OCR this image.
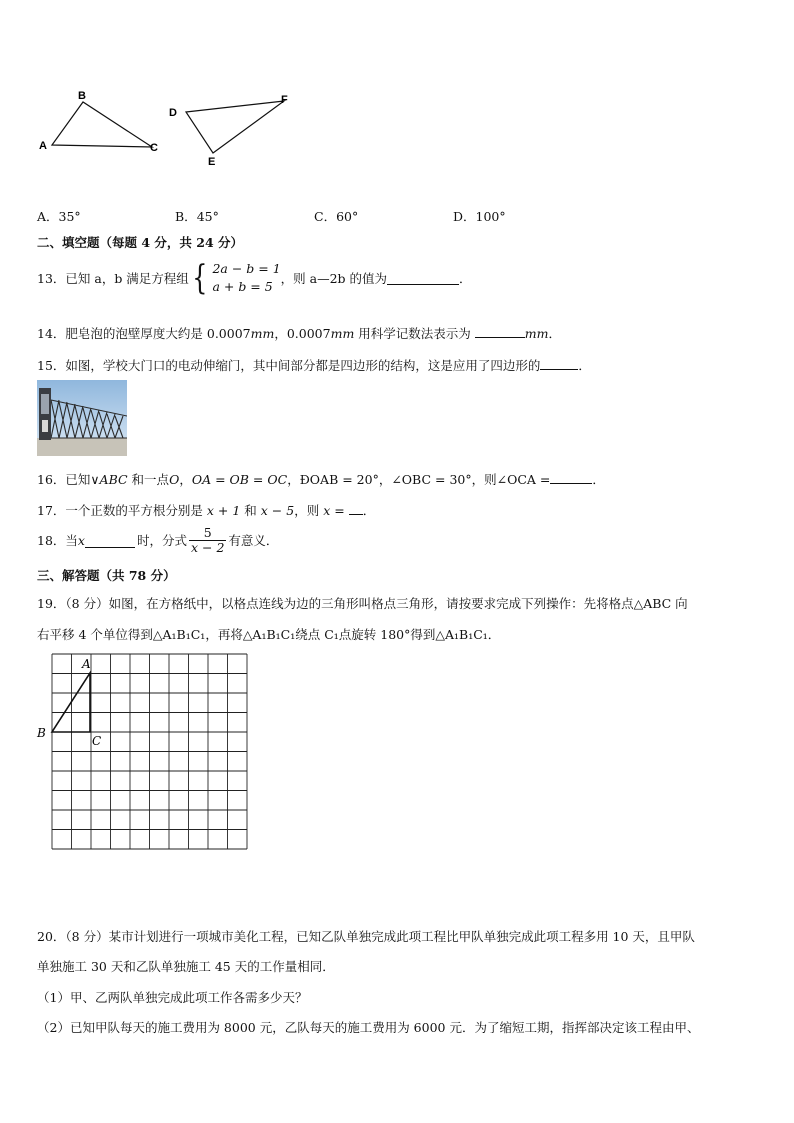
A
B
C
D
E
F
A．35°	B．45°	C．60°	D．100°
二、填空题（每题 4 分，共 24 分）
13．已知 a，b 满足方程组 { 2a − b = 1
a + b = 5
，则 a—2b 的值为	．
14．肥皂泡的泡壁厚度大约是 0.0007mm，0.0007mm 用科学记数法表示为	mm．
15．如图，学校大门口的电动伸缩门，其中间部分都是四边形的结构，这是应用了四边形的	．
16．已知∨ABC 和一点O，OA = OB = OC，ÐOAB = 20°，∠OBC = 30°，则∠OCA =	．
17．一个正数的平方根分别是 x + 1 和 x − 5，则 x = ．
18．当 x	时，分式 $\frac{5}{x - 2}$ 有意义．
三、解答题（共 78 分）
19．（8 分）如图，在方格纸中，以格点连线为边的三角形叫格点三角形，请按要求完成下列操作：先将格点△ABC 向
右平移 4 个单位得到△A₁B₁C₁，再将△A₁B₁C₁绕点 C₁点旋转 180°得到△A₁B₁C₁．
A
B
C
20．（8 分）某市计划进行一项城市美化工程，已知乙队单独完成此项工程比甲队单独完成此项工程多用 10 天，且甲队
单独施工 30 天和乙队单独施工 45 天的工作量相同．
（1）甲、乙两队单独完成此项工作各需多少天？
（2）已知甲队每天的施工费用为 8000 元，乙队每天的施工费用为 6000 元．为了缩短工期，指挥部决定该工程由甲、
